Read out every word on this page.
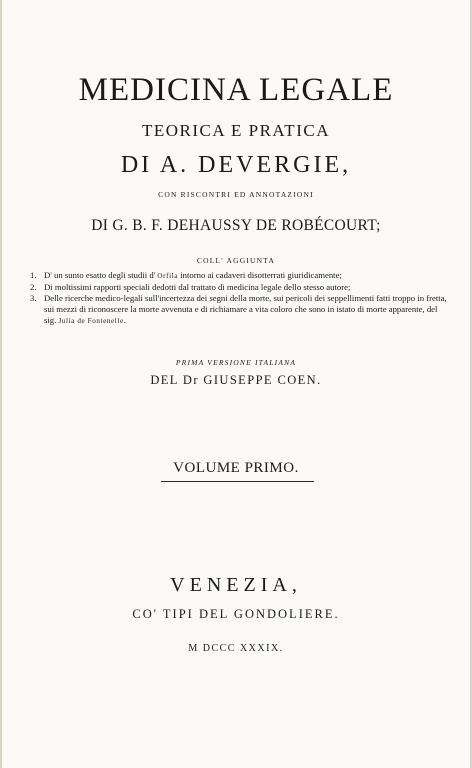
MEDICINA LEGALE
TEORICA E PRATICA
DI A. DEVERGIE,
CON RISCONTRI ED ANNOTAZIONI
DI G. B. F. DEHAUSSY DE ROBÉCOURT;
COLL' AGGIUNTA
1. D' un sunto esatto degli studii d' Orfila intorno ai cadaveri disotterrati giuridicamente;
2. Di moltissimi rapporti speciali dedotti dal trattato di medicina legale dello stesso autore;
3. Delle ricerche medico-legali sull'incertezza dei segni della morte, sui pericoli dei seppellimenti fatti troppo in fretta, sui mezzi di riconoscere la morte avvenuta e di richiamare a vita coloro che sono in istato di morte apparente, del sig. Julia de Fontenelle.
PRIMA VERSIONE ITALIANA
DEL Dr GIUSEPPE COEN.
VOLUME PRIMO.
VENEZIA,
CO' TIPI DEL GONDOLIERE.
M DCCC XXXIX.
